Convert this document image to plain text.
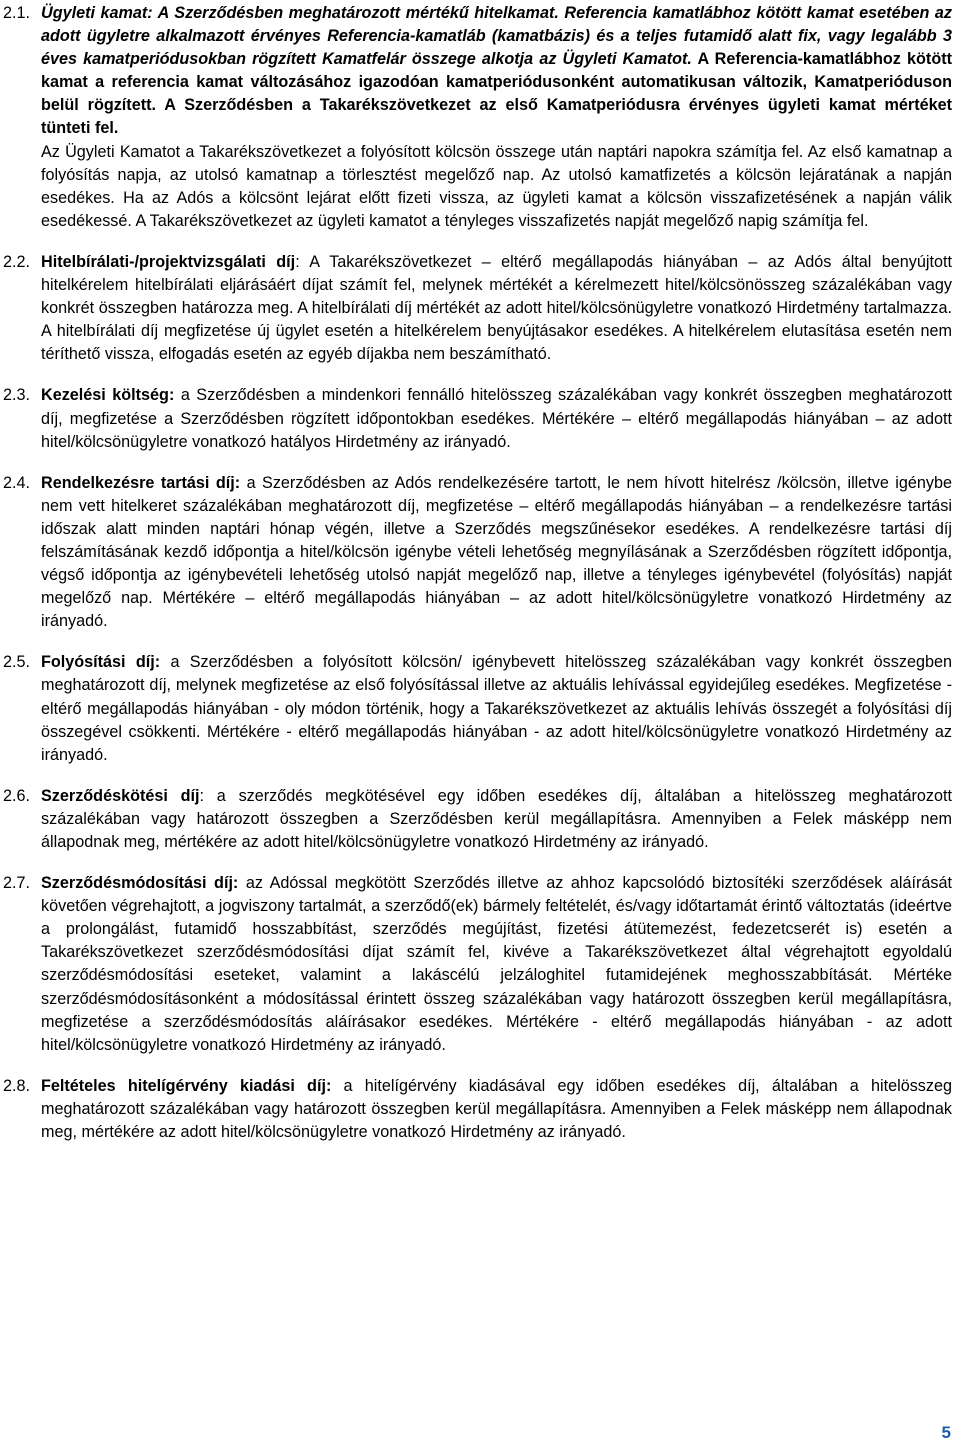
2.1. Ügyleti kamat: A Szerződésben meghatározott mértékű hitelkamat. Referencia kamatlábhoz kötött kamat esetében az adott ügyletre alkalmazott érvényes Referencia-kamatláb (kamatbázis) és a teljes futamidő alatt fix, vagy legalább 3 éves kamatperiódusokban rögzített Kamatfelár összege alkotja az Ügyleti Kamatot. A Referencia-kamatlábhoz kötött kamat a referencia kamat változásához igazodóan kamatperiódusonként automatikusan változik, Kamatperióduson belül rögzített. A Szerződésben a Takarékszövetkezet az első Kamatperiódusra érvényes ügyleti kamat mértéket tünteti fel.

Az Ügyleti Kamatot a Takarékszövetkezet a folyósított kölcsön összege után naptári napokra számítja fel. Az első kamatnap a folyósítás napja, az utolsó kamatnap a törlesztést megelőző nap. Az utolsó kamatfizetés a kölcsön lejáratának a napján esedékes. Ha az Adós a kölcsönt lejárat előtt fizeti vissza, az ügyleti kamat a kölcsön visszafizetésének a napján válik esedékessé. A Takarékszövetkezet az ügyleti kamatot a tényleges visszafizetés napját megelőző napig számítja fel.

2.2. Hitelbírálati-/projektvizsgálati díj: A Takarékszövetkezet – eltérő megállapodás hiányában – az Adós által benyújtott hitelkérelem hitelbírálati eljárásáért díjat számít fel, melynek mértékét a kérelmezett hitel/kölcsönösszeg százalékában vagy konkrét összegben határozza meg. A hitelbírálati díj mértékét az adott hitel/kölcsönügyletre vonatkozó Hirdetmény tartalmazza. A hitelbírálati díj megfizetése új ügylet esetén a hitelkérelem benyújtásakor esedékes. A hitelkérelem elutasítása esetén nem téríthető vissza, elfogadás esetén az egyéb díjakba nem beszámítható.

2.3. Kezelési költség: a Szerződésben a mindenkori fennálló hitelösszeg százalékában vagy konkrét összegben meghatározott díj, megfizetése a Szerződésben rögzített időpontokban esedékes. Mértékére – eltérő megállapodás hiányában – az adott hitel/kölcsönügyletre vonatkozó hatályos Hirdetmény az irányadó.

2.4. Rendelkezésre tartási díj: a Szerződésben az Adós rendelkezésére tartott, le nem hívott hitelrész /kölcsön, illetve igénybe nem vett hitelkeret százalékában meghatározott díj, megfizetése – eltérő megállapodás hiányában – a rendelkezésre tartási időszak alatt minden naptári hónap végén, illetve a Szerződés megszűnésekor esedékes. A rendelkezésre tartási díj felszámításának kezdő időpontja a hitel/kölcsön igénybe vételi lehetőség megnyílásának a Szerződésben rögzített időpontja, végső időpontja az igénybevételi lehetőség utolsó napját megelőző nap, illetve a tényleges igénybevétel (folyósítás) napját megelőző nap. Mértékére – eltérő megállapodás hiányában – az adott hitel/kölcsönügyletre vonatkozó Hirdetmény az irányadó.

2.5. Folyósítási díj: a Szerződésben a folyósított kölcsön/ igénybevett hitelösszeg százalékában vagy konkrét összegben meghatározott díj, melynek megfizetése az első folyósítással illetve az aktuális lehívással egyidejűleg esedékes. Megfizetése - eltérő megállapodás hiányában - oly módon történik, hogy a Takarékszövetkezet az aktuális lehívás összegét a folyósítási díj összegével csökkenti. Mértékére - eltérő megállapodás hiányában - az adott hitel/kölcsönügyletre vonatkozó Hirdetmény az irányadó.

2.6. Szerződéskötési díj: a szerződés megkötésével egy időben esedékes díj, általában a hitelösszeg meghatározott százalékában vagy határozott összegben a Szerződésben kerül megállapításra. Amennyiben a Felek másképp nem állapodnak meg, mértékére az adott hitel/kölcsönügyletre vonatkozó Hirdetmény az irányadó.

2.7. Szerződésmódosítási díj: az Adóssal megkötött Szerződés illetve az ahhoz kapcsolódó biztosítéki szerződések aláírását követően végrehajtott, a jogviszony tartalmát, a szerződő(ek) bármely feltételét, és/vagy időtartamát érintő változtatás (ideértve a prolongálást, futamidő hosszabbítást, szerződés megújítást, fizetési átütemezést, fedezetcserét is) esetén a Takarékszövetkezet szerződésmódosítási díjat számít fel, kivéve a Takarékszövetkezet által végrehajtott egyoldalú szerződésmódosítási eseteket, valamint a lakáscélú jelzáloghitel futamidejének meghosszabbítását. Mértéke szerződésmódosításonként a módosítással érintett összeg százalékában vagy határozott összegben kerül megállapításra, megfizetése a szerződésmódosítás aláírásakor esedékes. Mértékére - eltérő megállapodás hiányában - az adott hitel/kölcsönügyletre vonatkozó Hirdetmény az irányadó.

2.8. Feltételes hitelígérvény kiadási díj: a hitelígérvény kiadásával egy időben esedékes díj, általában a hitelösszeg meghatározott százalékában vagy határozott összegben kerül megállapításra. Amennyiben a Felek másképp nem állapodnak meg, mértékére az adott hitel/kölcsönügyletre vonatkozó Hirdetmény az irányadó.

5
